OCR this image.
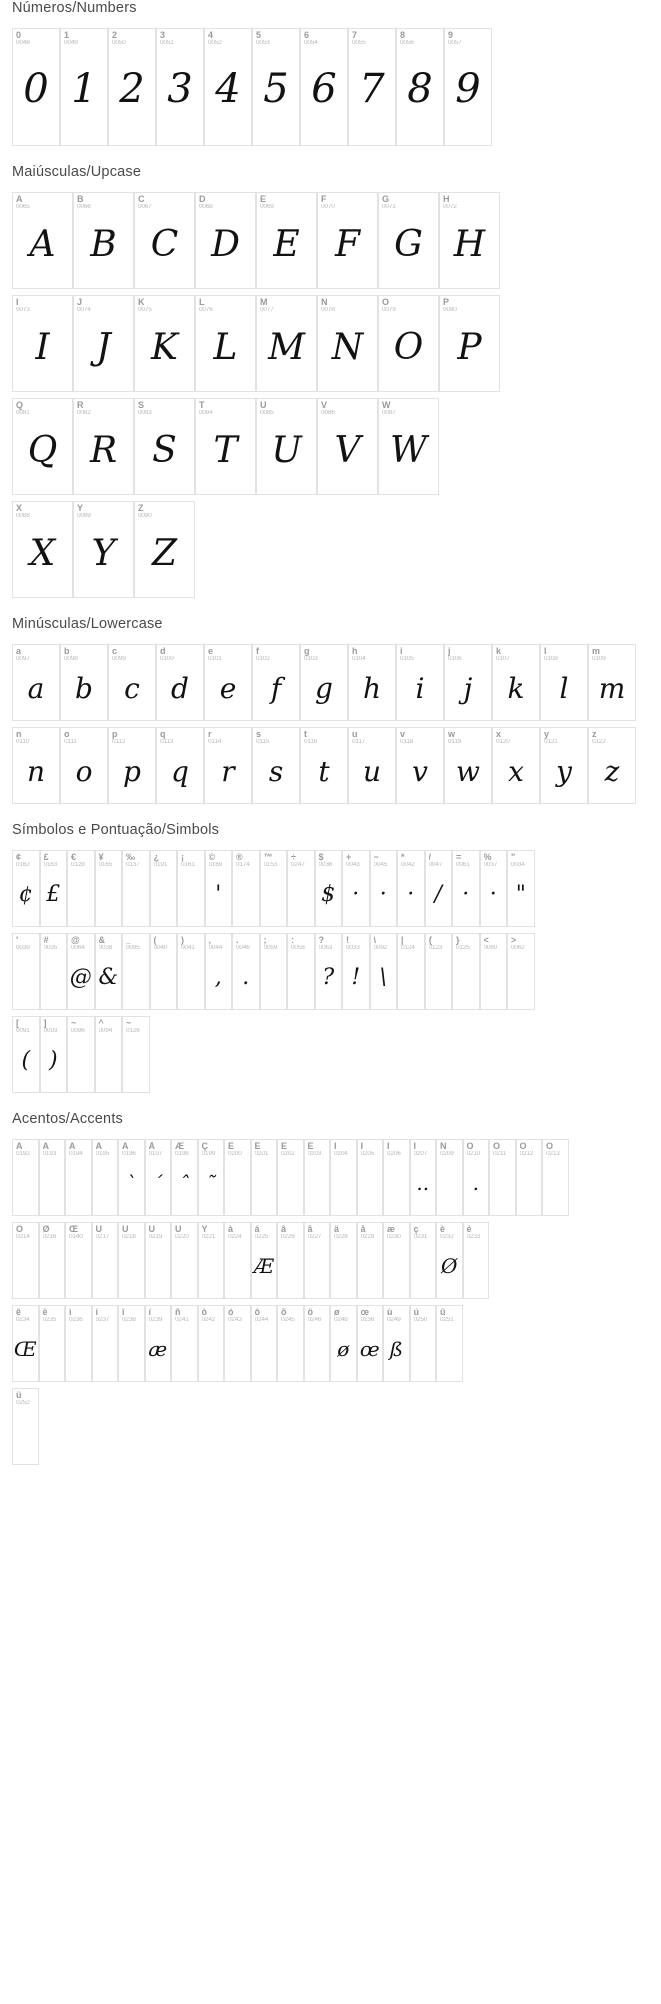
Números/Numbers
0
0048
0
1
0049
1
2
0050
2
3
0051
3
4
0052
4
5
0053
5
6
0054
6
7
0055
7
8
0056
8
9
0057
9
Maiúsculas/Upcase
A
0065
A
B
0066
B
C
0067
C
D
0068
D
E
0069
E
F
0070
F
G
0071
G
H
0072
H
I
0073
I
J
0074
J
K
0075
K
L
0076
L
M
0077
M
N
0078
N
O
0079
O
P
0080
P
Q
0081
Q
R
0082
R
S
0083
S
T
0084
T
U
0085
U
V
0086
V
W
0087
W
X
0088
X
Y
0089
Y
Z
0090
Z
Minúsculas/Lowercase
a
0097
a
b
0098
b
c
0099
c
d
0100
d
e
0101
e
f
0102
f
g
0103
g
h
0104
h
i
0105
i
j
0106
j
k
0107
k
l
0108
l
m
0109
m
n
0110
n
o
0111
o
p
0112
p
q
0113
q
r
0114
r
s
0115
s
t
0116
t
u
0117
u
v
0118
v
w
0119
w
x
0120
x
y
0121
y
z
0122
z
Símbolos e Pontuação/Simbols
¢
0162
¢
£
0163
£
€
0128
¥
0165
‰
0137
¿
0191
¡
0161
©
0169
'
®
0174
™
0153
÷
0247
$
0036
$
+
0043
·
−
0045
·
*
0042
·
/
0047
/
=
0061
·
%
0037
·
"
0034
"
'
0039
#
0035
@
0064
@
&
0038
&
_
0095
(
0040
)
0041
,
0044
,
.
0046
.
;
0059
:
0058
?
0063
?
!
0033
!
\
0092
\
|
0124
{
0123
}
0125
<
0060
>
0062
[
0091
(
]
0093
)
~
0096
^
0094
~
0126
Acentos/Accents
À
0192
Á
0193
Â
0194
Ã
0195
Ä
0196
`
Å
0197
´
Æ
0198
ˆ
Ç
0199
˜
È
0200
É
0201
Ê
0202
Ë
0203
Ì
0204
Í
0205
Î
0206
Ï
0207
..
Ñ
0209
Ò
0210
.
Ó
0211
Ô
0212
Õ
0213
Ö
0214
Ø
0216
Œ
0140
Ù
0217
Ú
0218
Û
0219
Ü
0220
Ý
0221
à
0224
á
0225
Æ
â
0226
ã
0227
ä
0228
å
0229
æ
0230
ç
0231
è
0232
Ø
é
0233
ê
0234
Œ
ë
0235
ì
0236
í
0237
î
0238
ï
0239
æ
ñ
0241
ò
0242
ó
0243
ô
0244
õ
0245
ö
0246
ø
0248
ø
œ
0156
œ
ù
0249
ß
ú
0250
û
0251
ü
0252
